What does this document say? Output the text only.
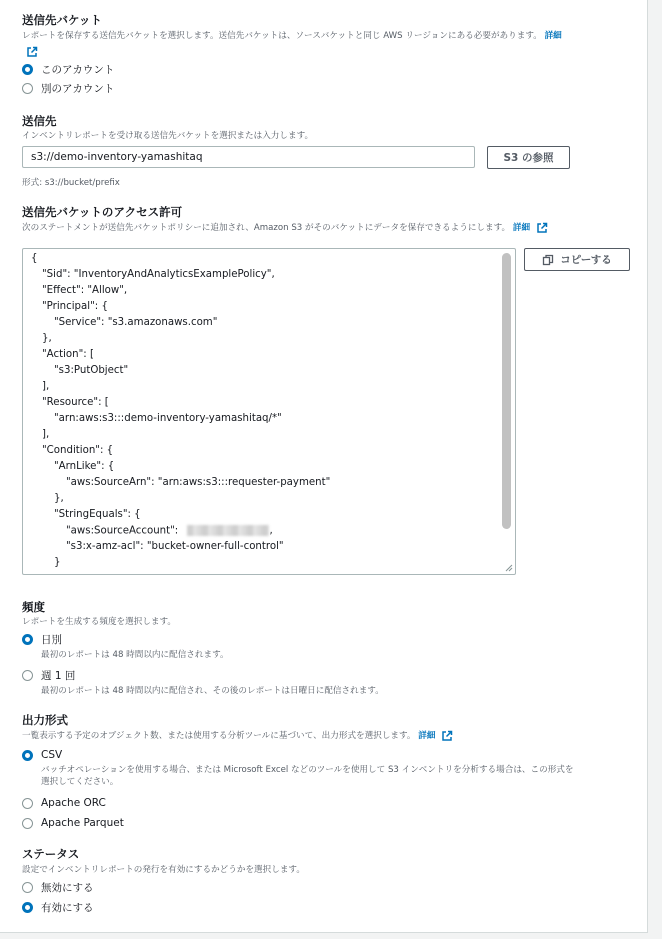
送信先バケット
レポートを保存する送信先バケットを選択します。送信先バケットは、ソースバケットと同じ AWS リージョンにある必要があります。 詳細
このアカウント
別のアカウント
送信先
インベントリレポートを受け取る送信先バケットを選択または入力します。
s3://demo-inventory-yamashitaq	S3 の参照
形式: s3://bucket/prefix
送信先バケットのアクセス許可
次のステートメントが送信先バケットポリシーに追加され、Amazon S3 がそのバケットにデータを保存できるようにします。 詳細
{
"Sid": "InventoryAndAnalyticsExamplePolicy",
"Effect": "Allow",
"Principal": {
"Service": "s3.amazonaws.com"
},
"Action": [
"s3:PutObject"
],
"Resource": [
"arn:aws:s3:::demo-inventory-yamashitaq/*"
],
"Condition": {
"ArnLike": {
"aws:SourceArn": "arn:aws:s3:::requester-payment"
},
"StringEquals": {
"aws:SourceAccount":	,
"s3:x-amz-acl": "bucket-owner-full-control"
}
コピーする
頻度
レポートを生成する頻度を選択します。
日別
最初のレポートは 48 時間以内に配信されます。
週 1 回
最初のレポートは 48 時間以内に配信され、その後のレポートは日曜日に配信されます。
出力形式
一覧表示する予定のオブジェクト数、または使用する分析ツールに基づいて、出力形式を選択します。 詳細
CSV
バッチオペレーションを使用する場合、または Microsoft Excel などのツールを使用して S3 インベントリを分析する場合は、この形式を
選択してください。
Apache ORC
Apache Parquet
ステータス
設定でインベントリレポートの発行を有効にするかどうかを選択します。
無効にする
有効にする
